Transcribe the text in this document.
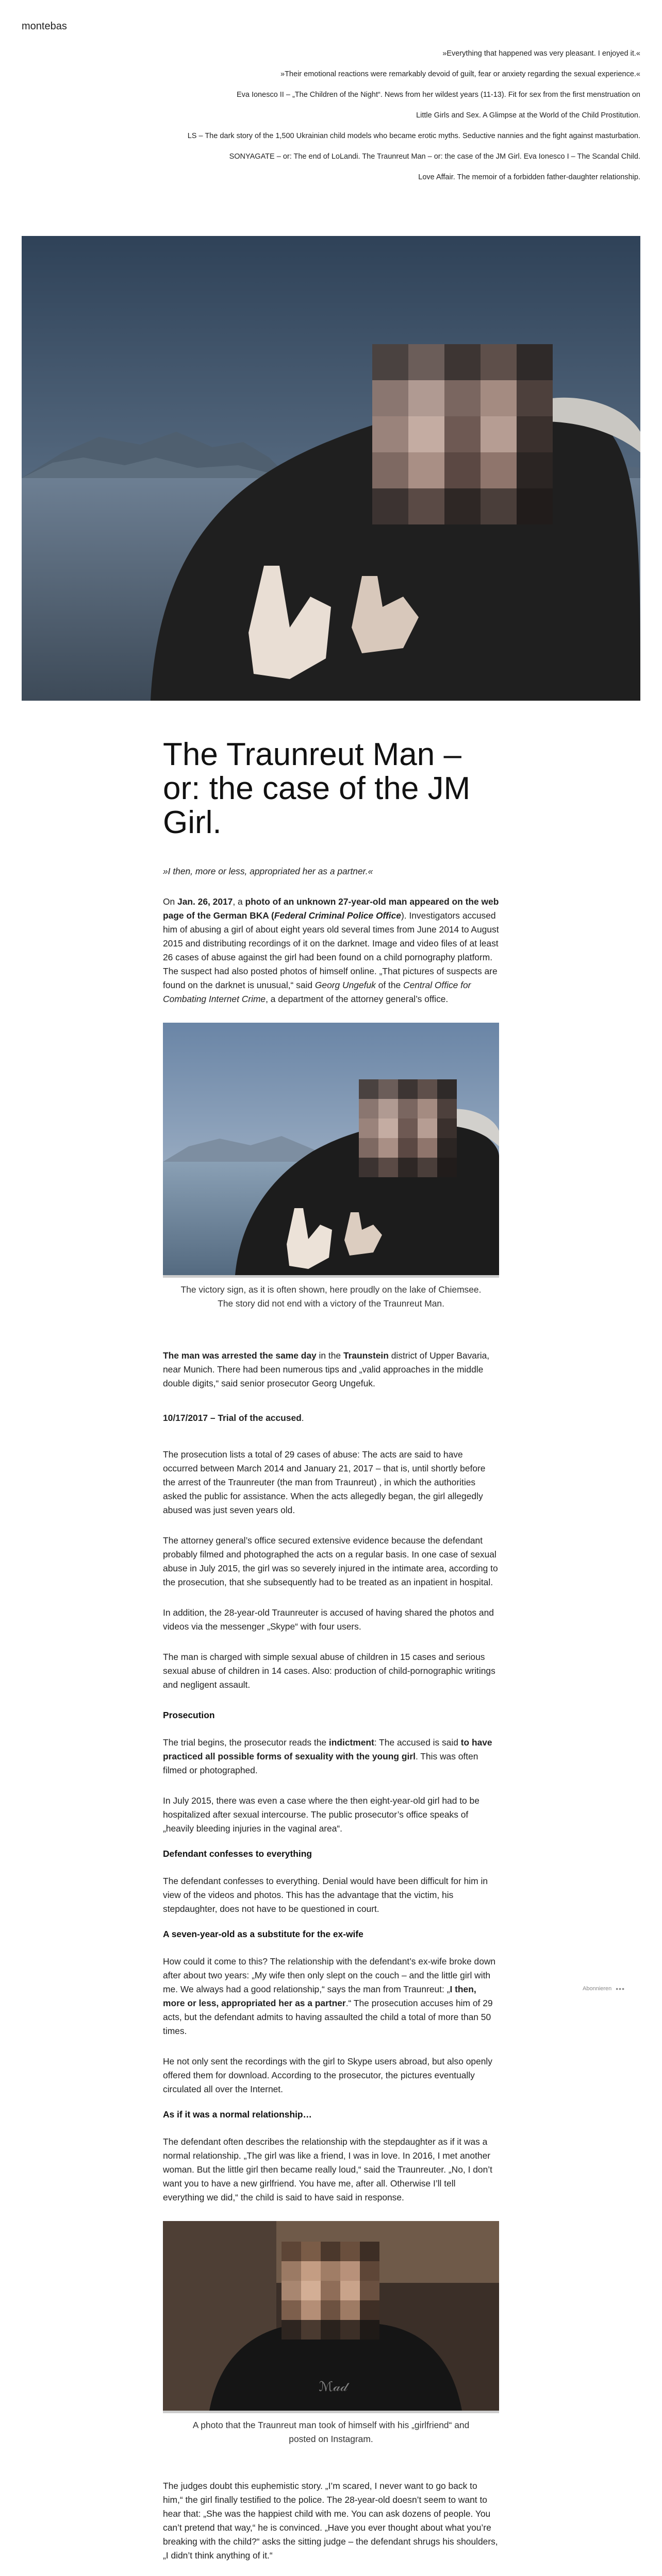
montebas
»Everything that happened was very pleasant. I enjoyed it.«
»Their emotional reactions were remarkably devoid of guilt, fear or anxiety regarding the sexual experience.«
Eva Ionesco II – „The Children of the Night“. News from her wildest years (11-13). Fit for sex from the first menstruation on
Little Girls and Sex. A Glimpse at the World of the Child Prostitution.
LS – The dark story of the 1,500 Ukrainian child models who became erotic myths. Seductive nannies and the fight against masturbation.
SONYAGATE – or: The end of LoLandi. The Traunreut Man – or: the case of the JM Girl. Eva Ionesco I – The Scandal Child.
Love Affair. The memoir of a forbidden father-daughter relationship.
The Traunreut Man – or: the case of the JM Girl.

»I then, more or less, appropriated her as a partner.«

On Jan. 26, 2017, a photo of an unknown 27-year-old man appeared on the web page of the German BKA (Federal Criminal Police Office). Investigators accused him of abusing a girl of about eight years old several times from June 2014 to August 2015 and distributing recordings of it on the darknet. Image and video files of at least 26 cases of abuse against the girl had been found on a child pornography platform. The suspect had also posted photos of himself online. „That pictures of suspects are found on the darknet is unusual,“ said Georg Ungefuk of the Central Office for Combating Internet Crime, a department of the attorney general’s office.

The victory sign, as it is often shown, here proudly on the lake of Chiemsee. The story did not end with a victory of the Traunreut Man.

The man was arrested the same day in the Traunstein district of Upper Bavaria, near Munich. There had been numerous tips and „valid approaches in the middle double digits,“ said senior prosecutor Georg Ungefuk.

10/17/2017 – Trial of the accused.

The prosecution lists a total of 29 cases of abuse: The acts are said to have occurred between March 2014 and January 21, 2017 – that is, until shortly before the arrest of the Traunreuter (the man from Traunreut) , in which the authorities asked the public for assistance. When the acts allegedly began, the girl allegedly abused was just seven years old.

The attorney general’s office secured extensive evidence because the defendant probably filmed and photographed the acts on a regular basis. In one case of sexual abuse in July 2015, the girl was so severely injured in the intimate area, according to the prosecution, that she subsequently had to be treated as an inpatient in hospital.

In addition, the 28-year-old Traunreuter is accused of having shared the photos and videos via the messenger „Skype“ with four users.

The man is charged with simple sexual abuse of children in 15 cases and serious sexual abuse of children in 14 cases. Also: production of child-pornographic writings and negligent assault.

Prosecution

The trial begins, the prosecutor reads the indictment: The accused is said to have practiced all possible forms of sexuality with the young girl. This was often filmed or photographed.

In July 2015, there was even a case where the then eight-year-old girl had to be hospitalized after sexual intercourse. The public prosecutor’s office speaks of „heavily bleeding injuries in the vaginal area“.

Defendant confesses to everything

The defendant confesses to everything. Denial would have been difficult for him in view of the videos and photos. This has the advantage that the victim, his stepdaughter, does not have to be questioned in court.

A seven-year-old as a substitute for the ex-wife

How could it come to this? The relationship with the defendant’s ex-wife broke down after about two years: „My wife then only slept on the couch – and the little girl with me. We always had a good relationship,“ says the man from Traunreut: „I then, more or less, appropriated her as a partner.“ The prosecution accuses him of 29 acts, but the defendant admits to having assaulted the child a total of more than 50 times.

He not only sent the recordings with the girl to Skype users abroad, but also openly offered them for download. According to the prosecutor, the pictures eventually circulated all over the Internet.

As if it was a normal relationship…

The defendant often describes the relationship with the stepdaughter as if it was a normal relationship. „The girl was like a friend, I was in love. In 2016, I met another woman. But the little girl then became really loud,“ said the Traunreuter. „No, I don’t want you to have a new girlfriend. You have me, after all. Otherwise I’ll tell everything we did,“ the child is said to have said in response.

ℳ𝒶𝒹
A photo that the Traunreut man took of himself with his „girlfriend“ and posted on Instagram.

The judges doubt this euphemistic story. „I’m scared, I never want to go back to him,“ the girl finally testified to the police. The 28-year-old doesn’t seem to want to hear that: „She was the happiest child with me. You can ask dozens of people. You can’t pretend that way,“ he is convinced. „Have you ever thought about what you’re breaking with the child?“ asks the sitting judge – the defendant shrugs his shoulders, „I didn’t think anything of it.“

Abonnieren •••
